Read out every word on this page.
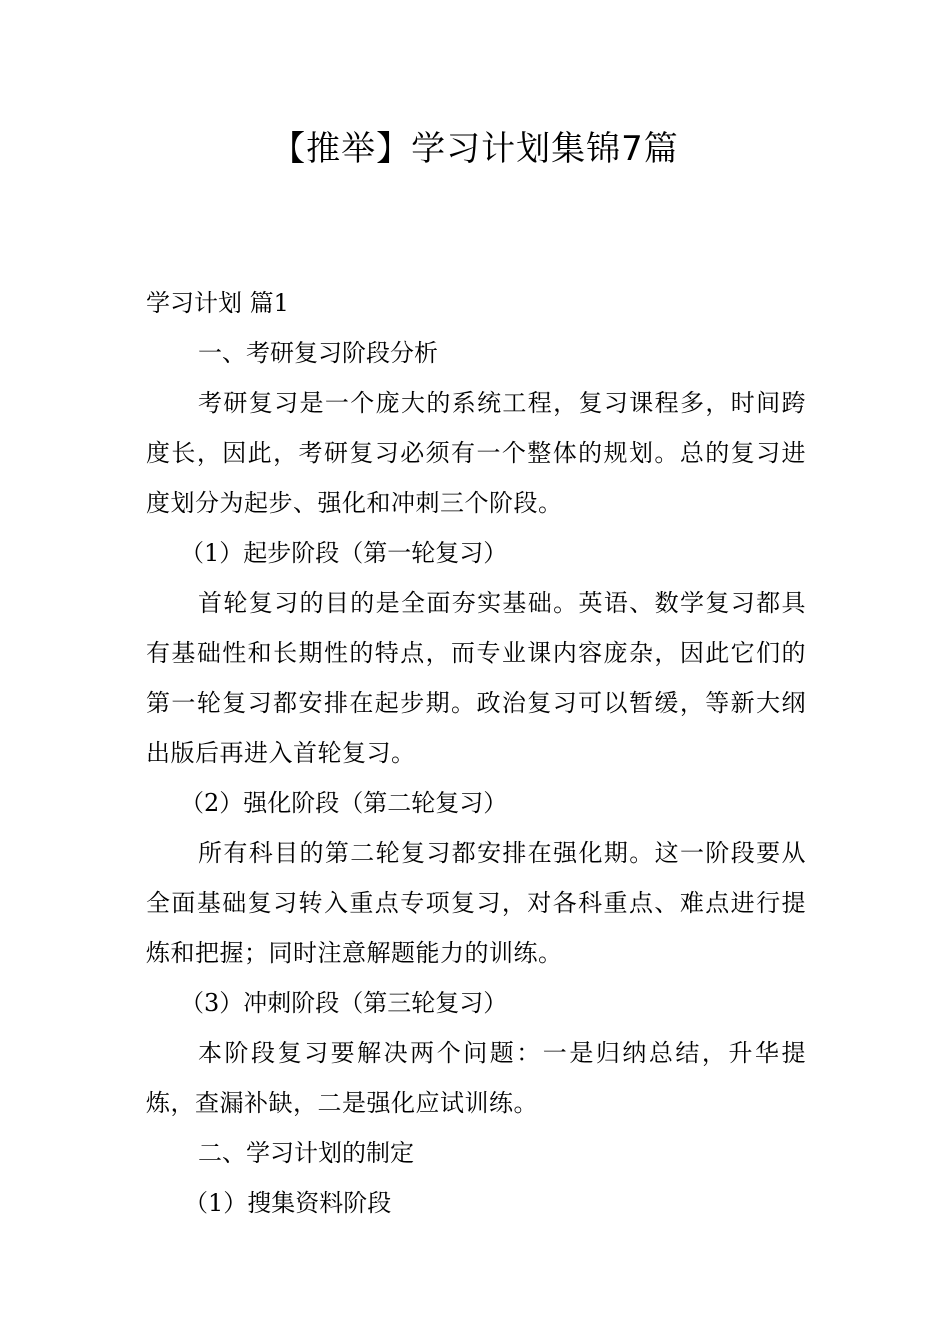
【推举】学习计划集锦7篇

学习计划 篇1

一、考研复习阶段分析

考研复习是一个庞大的系统工程，复习课程多，时间跨度长，因此，考研复习必须有一个整体的规划。总的复习进度划分为起步、强化和冲刺三个阶段。

（1）起步阶段（第一轮复习）

首轮复习的目的是全面夯实基础。英语、数学复习都具有基础性和长期性的特点，而专业课内容庞杂，因此它们的第一轮复习都安排在起步期。政治复习可以暂缓，等新大纲出版后再进入首轮复习。

（2）强化阶段（第二轮复习）

所有科目的第二轮复习都安排在强化期。这一阶段要从全面基础复习转入重点专项复习，对各科重点、难点进行提炼和把握；同时注意解题能力的训练。

（3）冲刺阶段（第三轮复习）

本阶段复习要解决两个问题：一是归纳总结，升华提炼，查漏补缺，二是强化应试训练。

二、学习计划的制定

（1）搜集资料阶段
